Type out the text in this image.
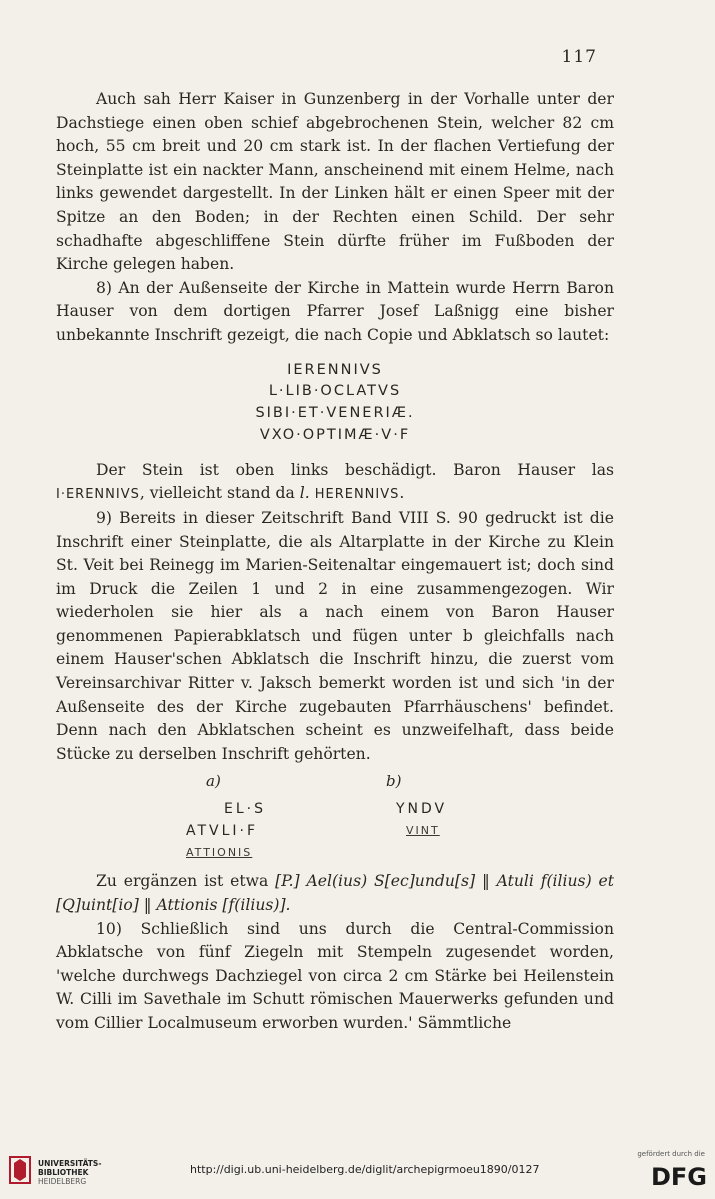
117

Auch sah Herr Kaiser in Gunzenberg in der Vorhalle unter der Dachstiege einen oben schief abgebrochenen Stein, welcher 82 cm hoch, 55 cm breit und 20 cm stark ist. In der flachen Vertiefung der Steinplatte ist ein nackter Mann, anscheinend mit einem Helme, nach links gewendet dargestellt. In der Linken hält er einen Speer mit der Spitze an den Boden; in der Rechten einen Schild. Der sehr schadhafte abgeschliffene Stein dürfte früher im Fußboden der Kirche gelegen haben.

8) An der Außenseite der Kirche in Mattein wurde Herrn Baron Hauser von dem dortigen Pfarrer Josef Laßnigg eine bisher unbekannte Inschrift gezeigt, die nach Copie und Abklatsch so lautet:

IERENNIVS
L·LIB·OCLATVS
SIBI·ET·VENERIÆ.
VXO·OPTIMÆ·V·F

Der Stein ist oben links beschädigt. Baron Hauser las I·ERENNIVS, vielleicht stand da l. HERENNIVS.

9) Bereits in dieser Zeitschrift Band VIII S. 90 gedruckt ist die Inschrift einer Steinplatte, die als Altarplatte in der Kirche zu Klein St. Veit bei Reinegg im Marien-Seitenaltar eingemauert ist; doch sind im Druck die Zeilen 1 und 2 in eine zusammengezogen. Wir wiederholen sie hier als a nach einem von Baron Hauser genommenen Papierabklatsch und fügen unter b gleichfalls nach einem Hauser'schen Abklatsch die Inschrift hinzu, die zuerst vom Vereinsarchivar Ritter v. Jaksch bemerkt worden ist und sich 'in der Außenseite des der Kirche zugebauten Pfarrhäuschens' befindet. Denn nach den Abklatschen scheint es unzweifelhaft, dass beide Stücke zu derselben Inschrift gehörten.

a)	b)
EL·S
ATVLI·F
ATTIONIS
YNDV
VINT

Zu ergänzen ist etwa [P.] Ael(ius) S[ec]undu[s] ‖ Atuli f(ilius) et [Q]uint[io] ‖ Attionis [f(ilius)].

10) Schließlich sind uns durch die Central-Commission Abklatsche von fünf Ziegeln mit Stempeln zugesendet worden, 'welche durchwegs Dachziegel von circa 2 cm Stärke bei Heilenstein W. Cilli im Savethale im Schutt römischen Mauerwerks gefunden und vom Cillier Localmuseum erworben wurden.' Sämmtliche

UNIVERSITÄTS-
BIBLIOTHEK
HEIDELBERG
http://digi.ub.uni-heidelberg.de/diglit/archepigrmoeu1890/0127
gefördert durch die
DFG
